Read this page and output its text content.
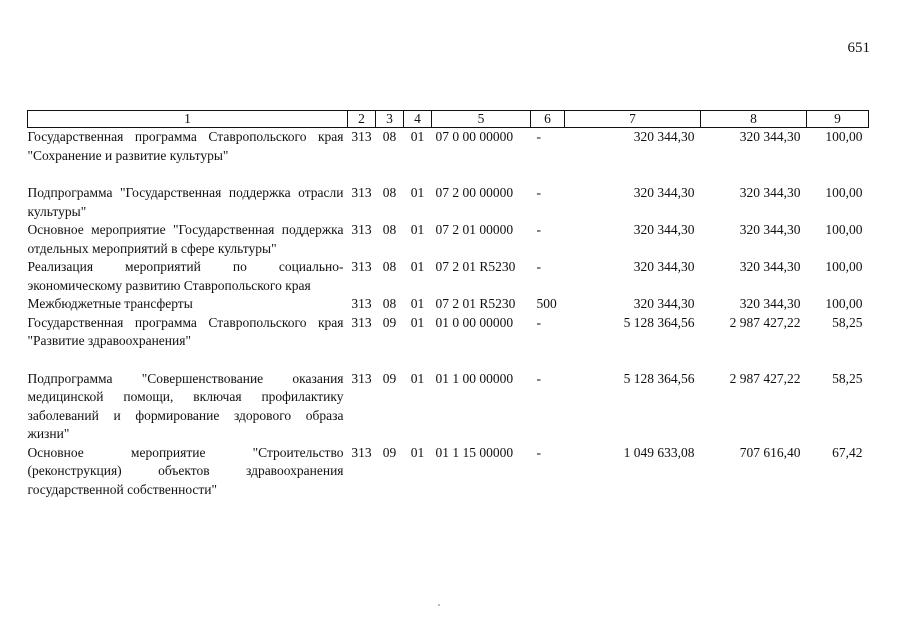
651
1	2	3	4	5	6	7	8	9
Государственная программа Ставропольского края "Сохранение и развитие культуры"	313	08	01	07 0 00 00000	-	320 344,30	320 344,30	100,00
Подпрограмма "Государственная поддержка отрасли культуры"	313	08	01	07 2 00 00000	-	320 344,30	320 344,30	100,00
Основное мероприятие "Государственная поддержка отдельных мероприятий в сфере культуры"	313	08	01	07 2 01 00000	-	320 344,30	320 344,30	100,00
Реализация мероприятий по социально-экономическому развитию Ставропольского края	313	08	01	07 2 01 R5230	-	320 344,30	320 344,30	100,00
Межбюджетные трансферты	313	08	01	07 2 01 R5230	500	320 344,30	320 344,30	100,00
Государственная программа Ставропольского края "Развитие здравоохранения"	313	09	01	01 0 00 00000	-	5 128 364,56	2 987 427,22	58,25
Подпрограмма "Совершенствование оказания медицинской помощи, включая профилактику заболеваний и формирование здорового образа жизни"	313	09	01	01 1 00 00000	-	5 128 364,56	2 987 427,22	58,25
Основное мероприятие "Строительство (реконструкция) объектов здравоохранения государственной собственности"	313	09	01	01 1 15 00000	-	1 049 633,08	707 616,40	67,42
